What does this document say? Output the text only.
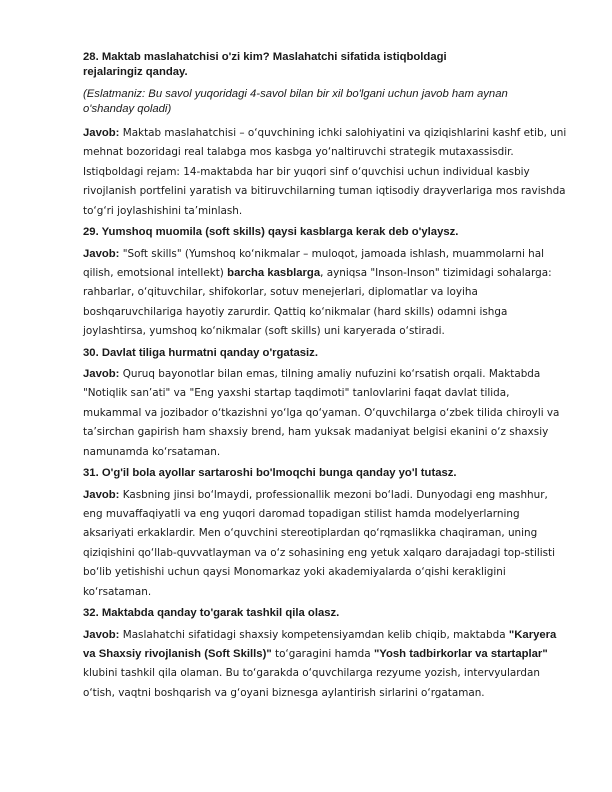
28. Maktab maslahatchisi o'zi kim? Maslahatchi sifatida istiqboldagi
rejalaringiz qanday.

(Eslatmaniz: Bu savol yuqoridagi 4-savol bilan bir xil bo'lgani uchun javob ham aynan
o'shanday qoladi)

Javob: Maktab maslahatchisi – o‘quvchining ichki salohiyatini va qiziqishlarini kashf etib, uni mehnat bozoridagi real talabga mos kasbga yo‘naltiruvchi strategik mutaxassisdir.

Istiqboldagi rejam: 14-maktabda har bir yuqori sinf o‘quvchisi uchun individual kasbiy rivojlanish portfelini yaratish va bitiruvchilarning tuman iqtisodiy drayverlariga mos ravishda to‘g‘ri joylashishini ta’minlash.

29. Yumshoq muomila (soft skills) qaysi kasblarga kerak deb o'ylaysz.

Javob: "Soft skills" (Yumshoq ko‘nikmalar – muloqot, jamoada ishlash, muammolarni hal qilish, emotsional intellekt) barcha kasblarga, ayniqsa "Inson-Inson" tizimidagi sohalarga: rahbarlar, o‘qituvchilar, shifokorlar, sotuv menejerlari, diplomatlar va loyiha boshqaruvchilariga hayotiy zarurdir. Qattiq ko‘nikmalar (hard skills) odamni ishga joylashtirsa, yumshoq ko‘nikmalar (soft skills) uni karyerada o‘stiradi.

30. Davlat tiliga hurmatni qanday o'rgatasiz.

Javob: Quruq bayonotlar bilan emas, tilning amaliy nufuzini ko‘rsatish orqali. Maktabda "Notiqlik san’ati" va "Eng yaxshi startap taqdimoti" tanlovlarini faqat davlat tilida, mukammal va jozibador o‘tkazishni yo‘lga qo‘yaman. O‘quvchilarga o‘zbek tilida chiroyli va ta’sirchan gapirish ham shaxsiy brend, ham yuksak madaniyat belgisi ekanini o‘z shaxsiy namunamda ko‘rsataman.

31. O'g'il bola ayollar sartaroshi bo'lmoqchi bunga qanday yo'l tutasz.

Javob: Kasbning jinsi bo‘lmaydi, professionallik mezoni bo‘ladi. Dunyodagi eng mashhur, eng muvaffaqiyatli va eng yuqori daromad topadigan stilist hamda modelyerlarning aksariyati erkaklardir. Men o‘quvchini stereotiplardan qo‘rqmaslikka chaqiraman, uning qiziqishini qo‘llab-quvvatlayman va o‘z sohasining eng yetuk xalqaro darajadagi top-stilisti bo‘lib yetishishi uchun qaysi Monomarkaz yoki akademiyalarda o‘qishi kerakligini ko‘rsataman.

32. Maktabda qanday to'garak tashkil qila olasz.

Javob: Maslahatchi sifatidagi shaxsiy kompetensiyamdan kelib chiqib, maktabda "Karyera va Shaxsiy rivojlanish (Soft Skills)" to‘garagini hamda "Yosh tadbirkorlar va startaplar" klubini tashkil qila olaman. Bu to‘garakda o‘quvchilarga rezyume yozish, intervyulardan o‘tish, vaqtni boshqarish va g‘oyani biznesga aylantirish sirlarini o‘rgataman.
